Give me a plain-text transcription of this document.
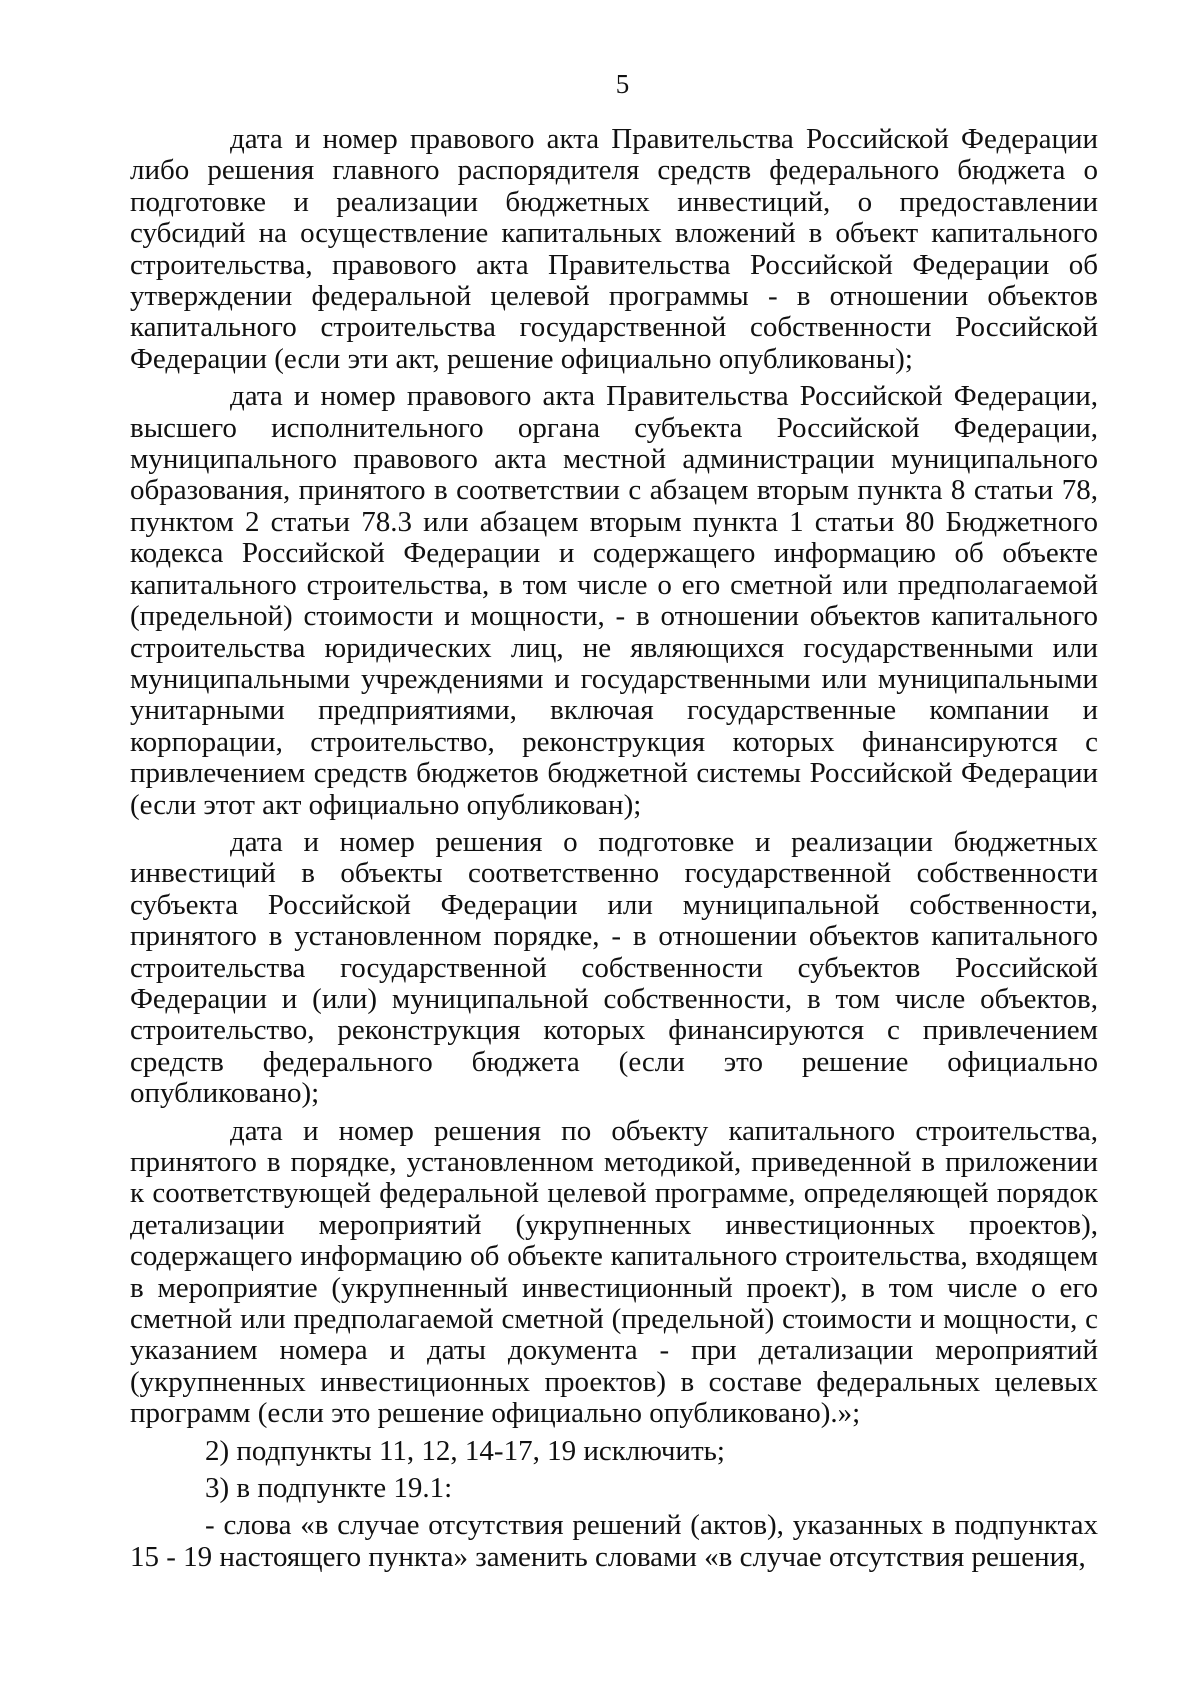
5

дата и номер правового акта Правительства Российской Федерации либо решения главного распорядителя средств федерального бюджета о подготовке и реализации бюджетных инвестиций, о предоставлении субсидий на осуществление капитальных вложений в объект капитального строительства, правового акта Правительства Российской Федерации об утверждении федеральной целевой программы - в отношении объектов капитального строительства государственной собственности Российской Федерации (если эти акт, решение официально опубликованы);

дата и номер правового акта Правительства Российской Федерации, высшего исполнительного органа субъекта Российской Федерации, муниципального правового акта местной администрации муниципального образования, принятого в соответствии с абзацем вторым пункта 8 статьи 78, пунктом 2 статьи 78.3 или абзацем вторым пункта 1 статьи 80 Бюджетного кодекса Российской Федерации и содержащего информацию об объекте капитального строительства, в том числе о его сметной или предполагаемой (предельной) стоимости и мощности, - в отношении объектов капитального строительства юридических лиц, не являющихся государственными или муниципальными учреждениями и государственными или муниципальными унитарными предприятиями, включая государственные компании и корпорации, строительство, реконструкция которых финансируются с привлечением средств бюджетов бюджетной системы Российской Федерации (если этот акт официально опубликован);

дата и номер решения о подготовке и реализации бюджетных инвестиций в объекты соответственно государственной собственности субъекта Российской Федерации или муниципальной собственности, принятого в установленном порядке, - в отношении объектов капитального строительства государственной собственности субъектов Российской Федерации и (или) муниципальной собственности, в том числе объектов, строительство, реконструкция которых финансируются с привлечением средств федерального бюджета (если это решение официально опубликовано);

дата и номер решения по объекту капитального строительства, принятого в порядке, установленном методикой, приведенной в приложении к соответствующей федеральной целевой программе, определяющей порядок детализации мероприятий (укрупненных инвестиционных проектов), содержащего информацию об объекте капитального строительства, входящем в мероприятие (укрупненный инвестиционный проект), в том числе о его сметной или предполагаемой сметной (предельной) стоимости и мощности, с указанием номера и даты документа - при детализации мероприятий (укрупненных инвестиционных проектов) в составе федеральных целевых программ (если это решение официально опубликовано).»;

2) подпункты 11, 12, 14-17, 19 исключить;

3) в подпункте 19.1:

- слова «в случае отсутствия решений (актов), указанных в подпунктах 15 - 19 настоящего пункта» заменить словами «в случае отсутствия решения,
